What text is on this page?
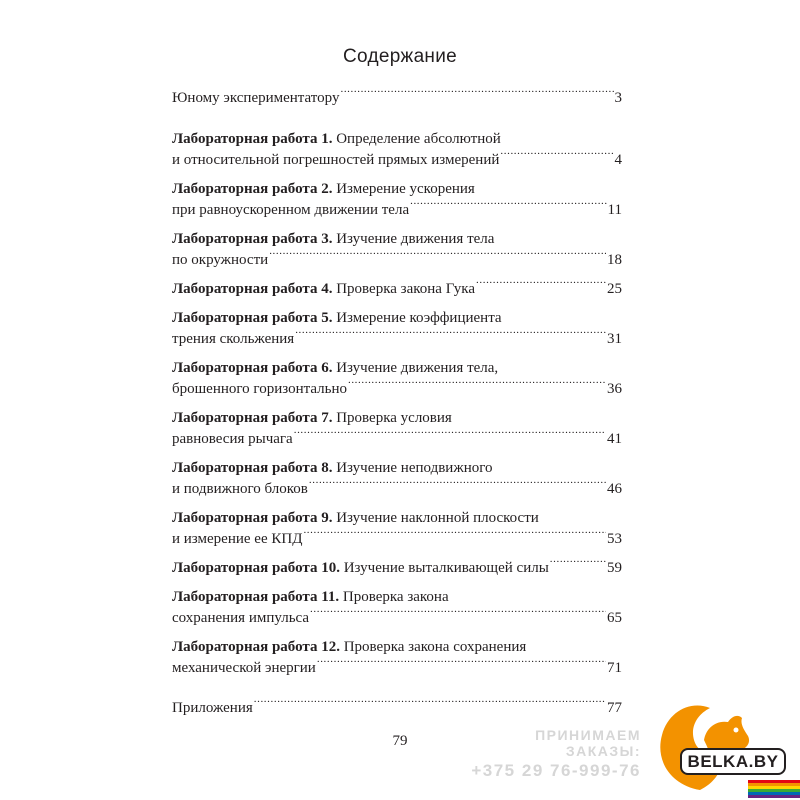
Содержание
Юному экспериментатору .....	3
Лабораторная работа 1. Определение абсолютной
и относительной погрешностей прямых измерений .....	4
Лабораторная работа 2. Измерение ускорения
при равноускоренном движении тела .....	11
Лабораторная работа 3. Изучение движения тела
по окружности .....	18
Лабораторная работа 4. Проверка закона Гука .....	25
Лабораторная работа 5. Измерение коэффициента
трения скольжения .....	31
Лабораторная работа 6. Изучение движения тела,
брошенного горизонтально .....	36
Лабораторная работа 7. Проверка условия
равновесия рычага .....	41
Лабораторная работа 8. Изучение неподвижного
и подвижного блоков .....	46
Лабораторная работа 9. Изучение наклонной плоскости
и измерение ее КПД .....	53
Лабораторная работа 10. Изучение выталкивающей силы .....	59
Лабораторная работа 11. Проверка закона
сохранения импульса .....	65
Лабораторная работа 12. Проверка закона сохранения
механической энергии .....	71
Приложения .....	77
79	ПРИНИМАЕМ ЗАКАЗЫ:
+375 29 76-999-76	BELKA.BY
